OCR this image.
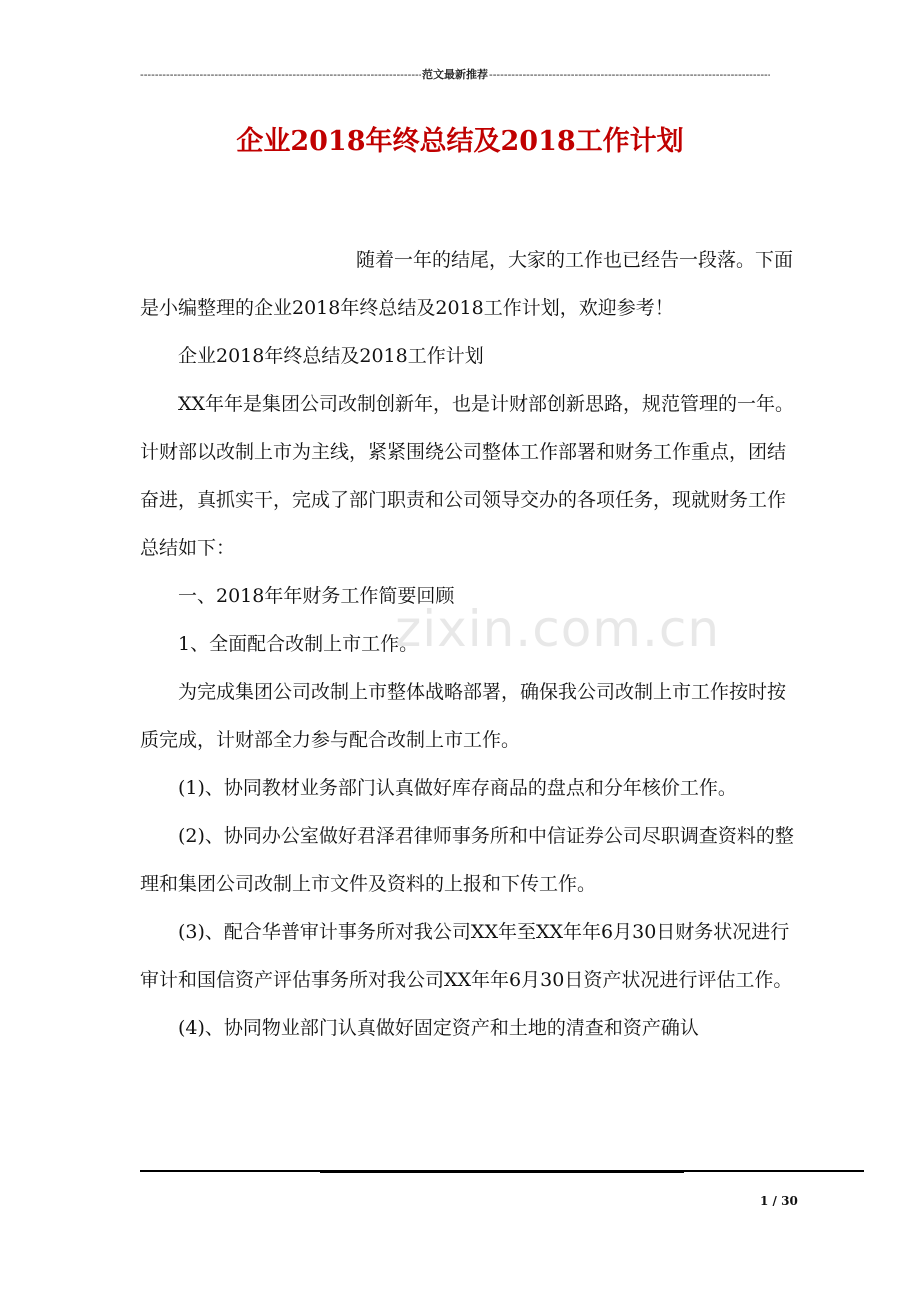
-----
范文最新推荐
-----
企业2018年终总结及2018工作计划

随着一年的结尾，大家的工作也已经告一段落。下面是小编整理的企业2018年终总结及2018工作计划，欢迎参考！

企业2018年终总结及2018工作计划

XX年年是集团公司改制创新年，也是计财部创新思路，规范管理的一年。计财部以改制上市为主线，紧紧围绕公司整体工作部署和财务工作重点，团结奋进，真抓实干，完成了部门职责和公司领导交办的各项任务，现就财务工作总结如下：

一、2018年年财务工作简要回顾

1、全面配合改制上市工作。

为完成集团公司改制上市整体战略部署，确保我公司改制上市工作按时按质完成，计财部全力参与配合改制上市工作。

(1)、协同教材业务部门认真做好库存商品的盘点和分年核价工作。

(2)、协同办公室做好君泽君律师事务所和中信证券公司尽职调查资料的整理和集团公司改制上市文件及资料的上报和下传工作。

(3)、配合华普审计事务所对我公司XX年至XX年年6月30日财务状况进行审计和国信资产评估事务所对我公司XX年年6月30日资产状况进行评估工作。

(4)、协同物业部门认真做好固定资产和土地的清查和资产确认

zixin.com.cn
1 / 30
